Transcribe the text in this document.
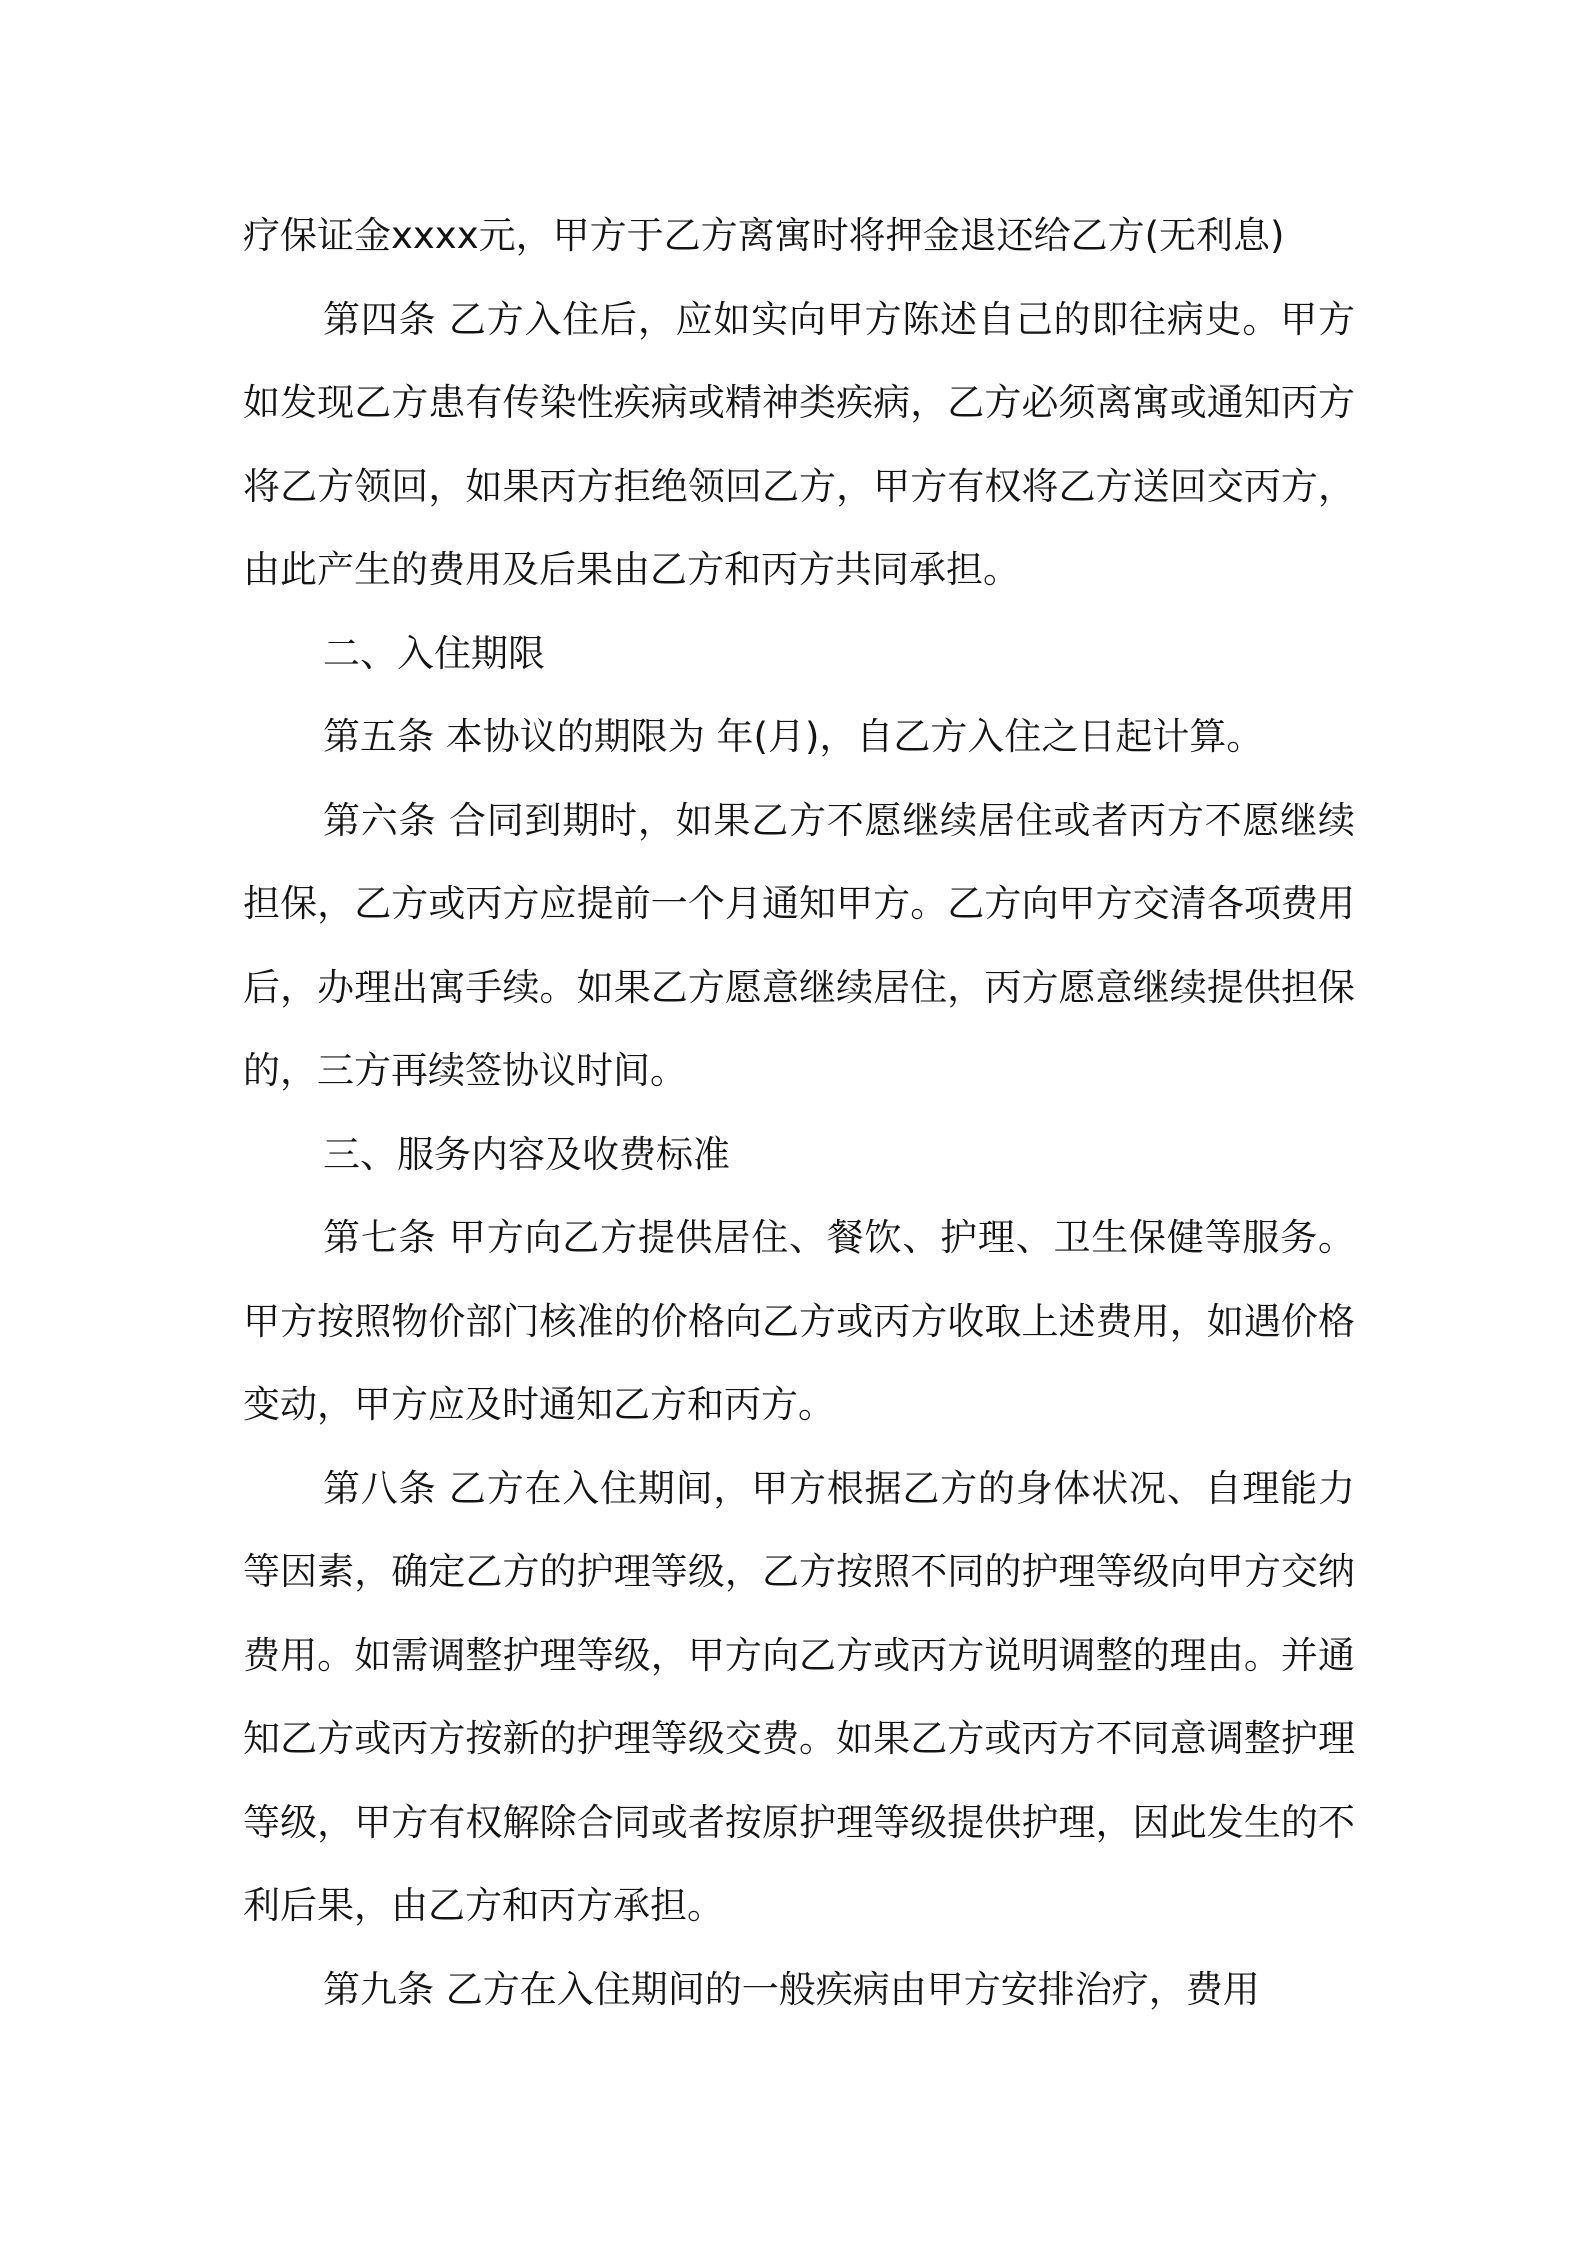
疗保证金xxxx元，甲方于乙方离寓时将押金退还给乙方(无利息)

第四条 乙方入住后，应如实向甲方陈述自己的即往病史。甲方如发现乙方患有传染性疾病或精神类疾病，乙方必须离寓或通知丙方将乙方领回，如果丙方拒绝领回乙方，甲方有权将乙方送回交丙方，由此产生的费用及后果由乙方和丙方共同承担。

二、入住期限

第五条 本协议的期限为 年(月)，自乙方入住之日起计算。

第六条 合同到期时，如果乙方不愿继续居住或者丙方不愿继续担保，乙方或丙方应提前一个月通知甲方。乙方向甲方交清各项费用后，办理出寓手续。如果乙方愿意继续居住，丙方愿意继续提供担保的，三方再续签协议时间。

三、服务内容及收费标准

第七条 甲方向乙方提供居住、餐饮、护理、卫生保健等服务。甲方按照物价部门核准的价格向乙方或丙方收取上述费用，如遇价格变动，甲方应及时通知乙方和丙方。

第八条 乙方在入住期间，甲方根据乙方的身体状况、自理能力等因素，确定乙方的护理等级，乙方按照不同的护理等级向甲方交纳费用。如需调整护理等级，甲方向乙方或丙方说明调整的理由。并通知乙方或丙方按新的护理等级交费。如果乙方或丙方不同意调整护理等级，甲方有权解除合同或者按原护理等级提供护理，因此发生的不利后果，由乙方和丙方承担。

第九条 乙方在入住期间的一般疾病由甲方安排治疗，费用
